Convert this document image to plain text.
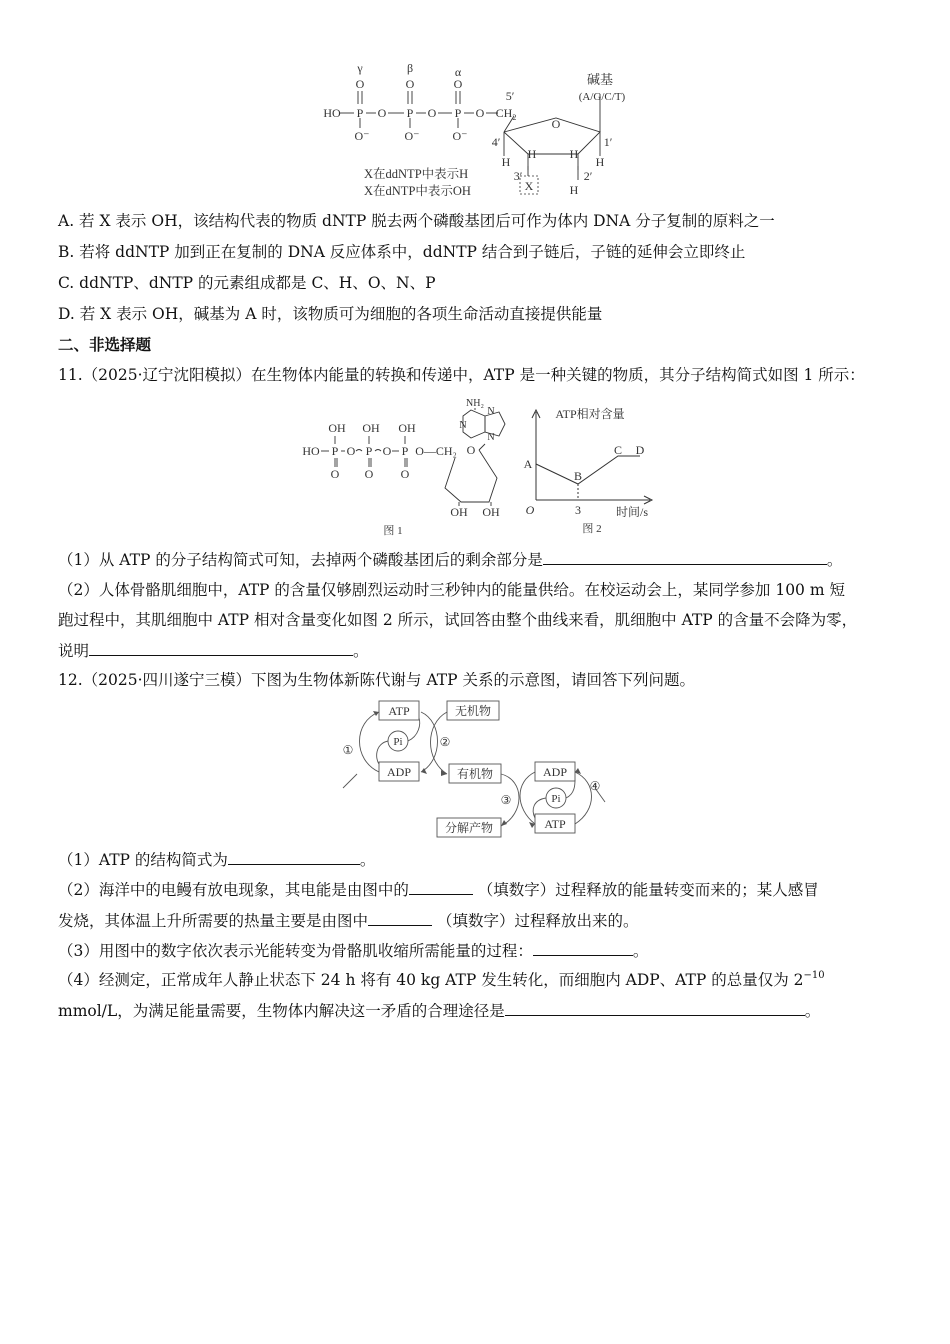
γ	β	α
O	O	O
HO P O P O P O
O⁻	O⁻	O⁻
$CH_2$
5′
O
4′	1′
H
H	H
H
3′	2′
X	H
碱基
(A/G/C/T)
X在ddNTP中表示H
X在dNTP中表示OH
A. 若 X 表示 OH，该结构代表的物质 dNTP 脱去两个磷酸基团后可作为体内 DNA 分子复制的原料之一
B. 若将 ddNTP 加到正在复制的 DNA 反应体系中，ddNTP 结合到子链后，子链的延伸会立即终止
C. ddNTP、dNTP 的元素组成都是 C、H、O、N、P
D. 若 X 表示 OH，碱基为 A 时，该物质可为细胞的各项生命活动直接提供能量
二、非选择题
11.（2025·辽宁沈阳模拟）在生物体内能量的转换和传递中，ATP 是一种关键的物质，其分子结构简式如图 1 所示：
OH OH OH
HO P O P O P O—CH₂
O O O
O
OH OH
NH₂
N
N
N
图 1
ATP相对含量
时间/s
O	3
A
B
C D
图 2
（1）从 ATP 的分子结构简式可知，去掉两个磷酸基团后的剩余部分是	。
（2）人体骨骼肌细胞中，ATP 的含量仅够剧烈运动时三秒钟内的能量供给。在校运动会上，某同学参加 100 m 短
跑过程中，其肌细胞中 ATP 相对含量变化如图 2 所示，试回答由整个曲线来看，肌细胞中 ATP 的含量不会降为零，
说明	。
12.（2025·四川遂宁三模）下图为生物体新陈代谢与 ATP 关系的示意图，请回答下列问题。
ATP
ADP
Pi
无机物
有机物	ADP
ATP
Pi
分解产物
①
②
③
④
（1）ATP 的结构简式为	。
（2）海洋中的电鳗有放电现象，其电能是由图中的	（填数字）过程释放的能量转变而来的；某人感冒
发烧，其体温上升所需要的热量主要是由图中	（填数字）过程释放出来的。
（3）用图中的数字依次表示光能转变为骨骼肌收缩所需能量的过程：	。
（4）经测定，正常成年人静止状态下 24 h 将有 40 kg ATP 发生转化，而细胞内 ADP、ATP 的总量仅为 $2^{-10}$
mmol/L，为满足能量需要，生物体内解决这一矛盾的合理途径是	。
